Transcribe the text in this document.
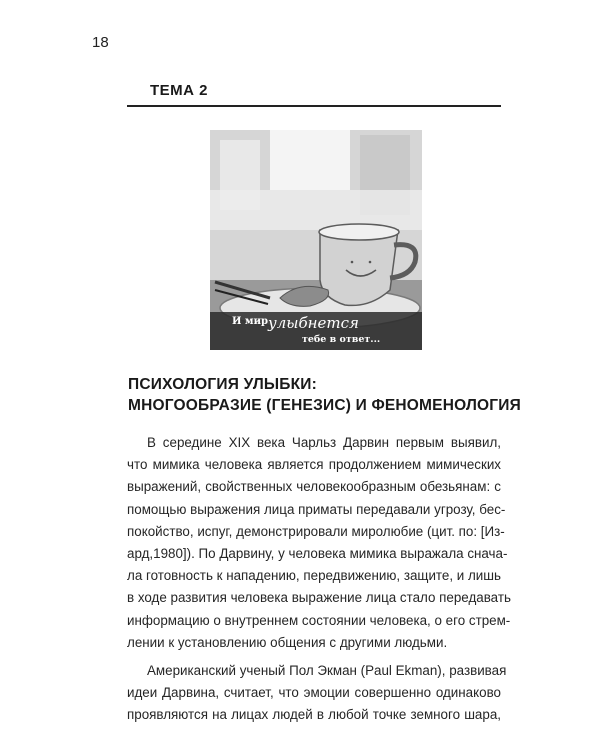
18
ТЕМА 2
И мир улыбнется
тебе в ответ...
ПСИХОЛОГИЯ УЛЫБКИ:
МНОГООБРАЗИЕ (ГЕНЕЗИС) И ФЕНОМЕНОЛОГИЯ
В середине XIX века Чарльз Дарвин первым выявил,
что мимика человека является продолжением мимических
выражений, свойственных человекообразным обезьянам: с
помощью выражения лица приматы передавали угрозу, бес-
покойство, испуг, демонстрировали миролюбие (цит. по: [Из-
ард,1980]). По Дарвину, у человека мимика выражала снача-
ла готовность к нападению, передвижению, защите, и лишь
в ходе развития человека выражение лица стало передавать
информацию о внутреннем состоянии человека, о его стрем-
лении к установлению общения с другими людьми.
Американский ученый Пол Экман (Paul Ekman), развивая
идеи Дарвина, считает, что эмоции совершенно одинаково
проявляются на лицах людей в любой точке земного шара,
